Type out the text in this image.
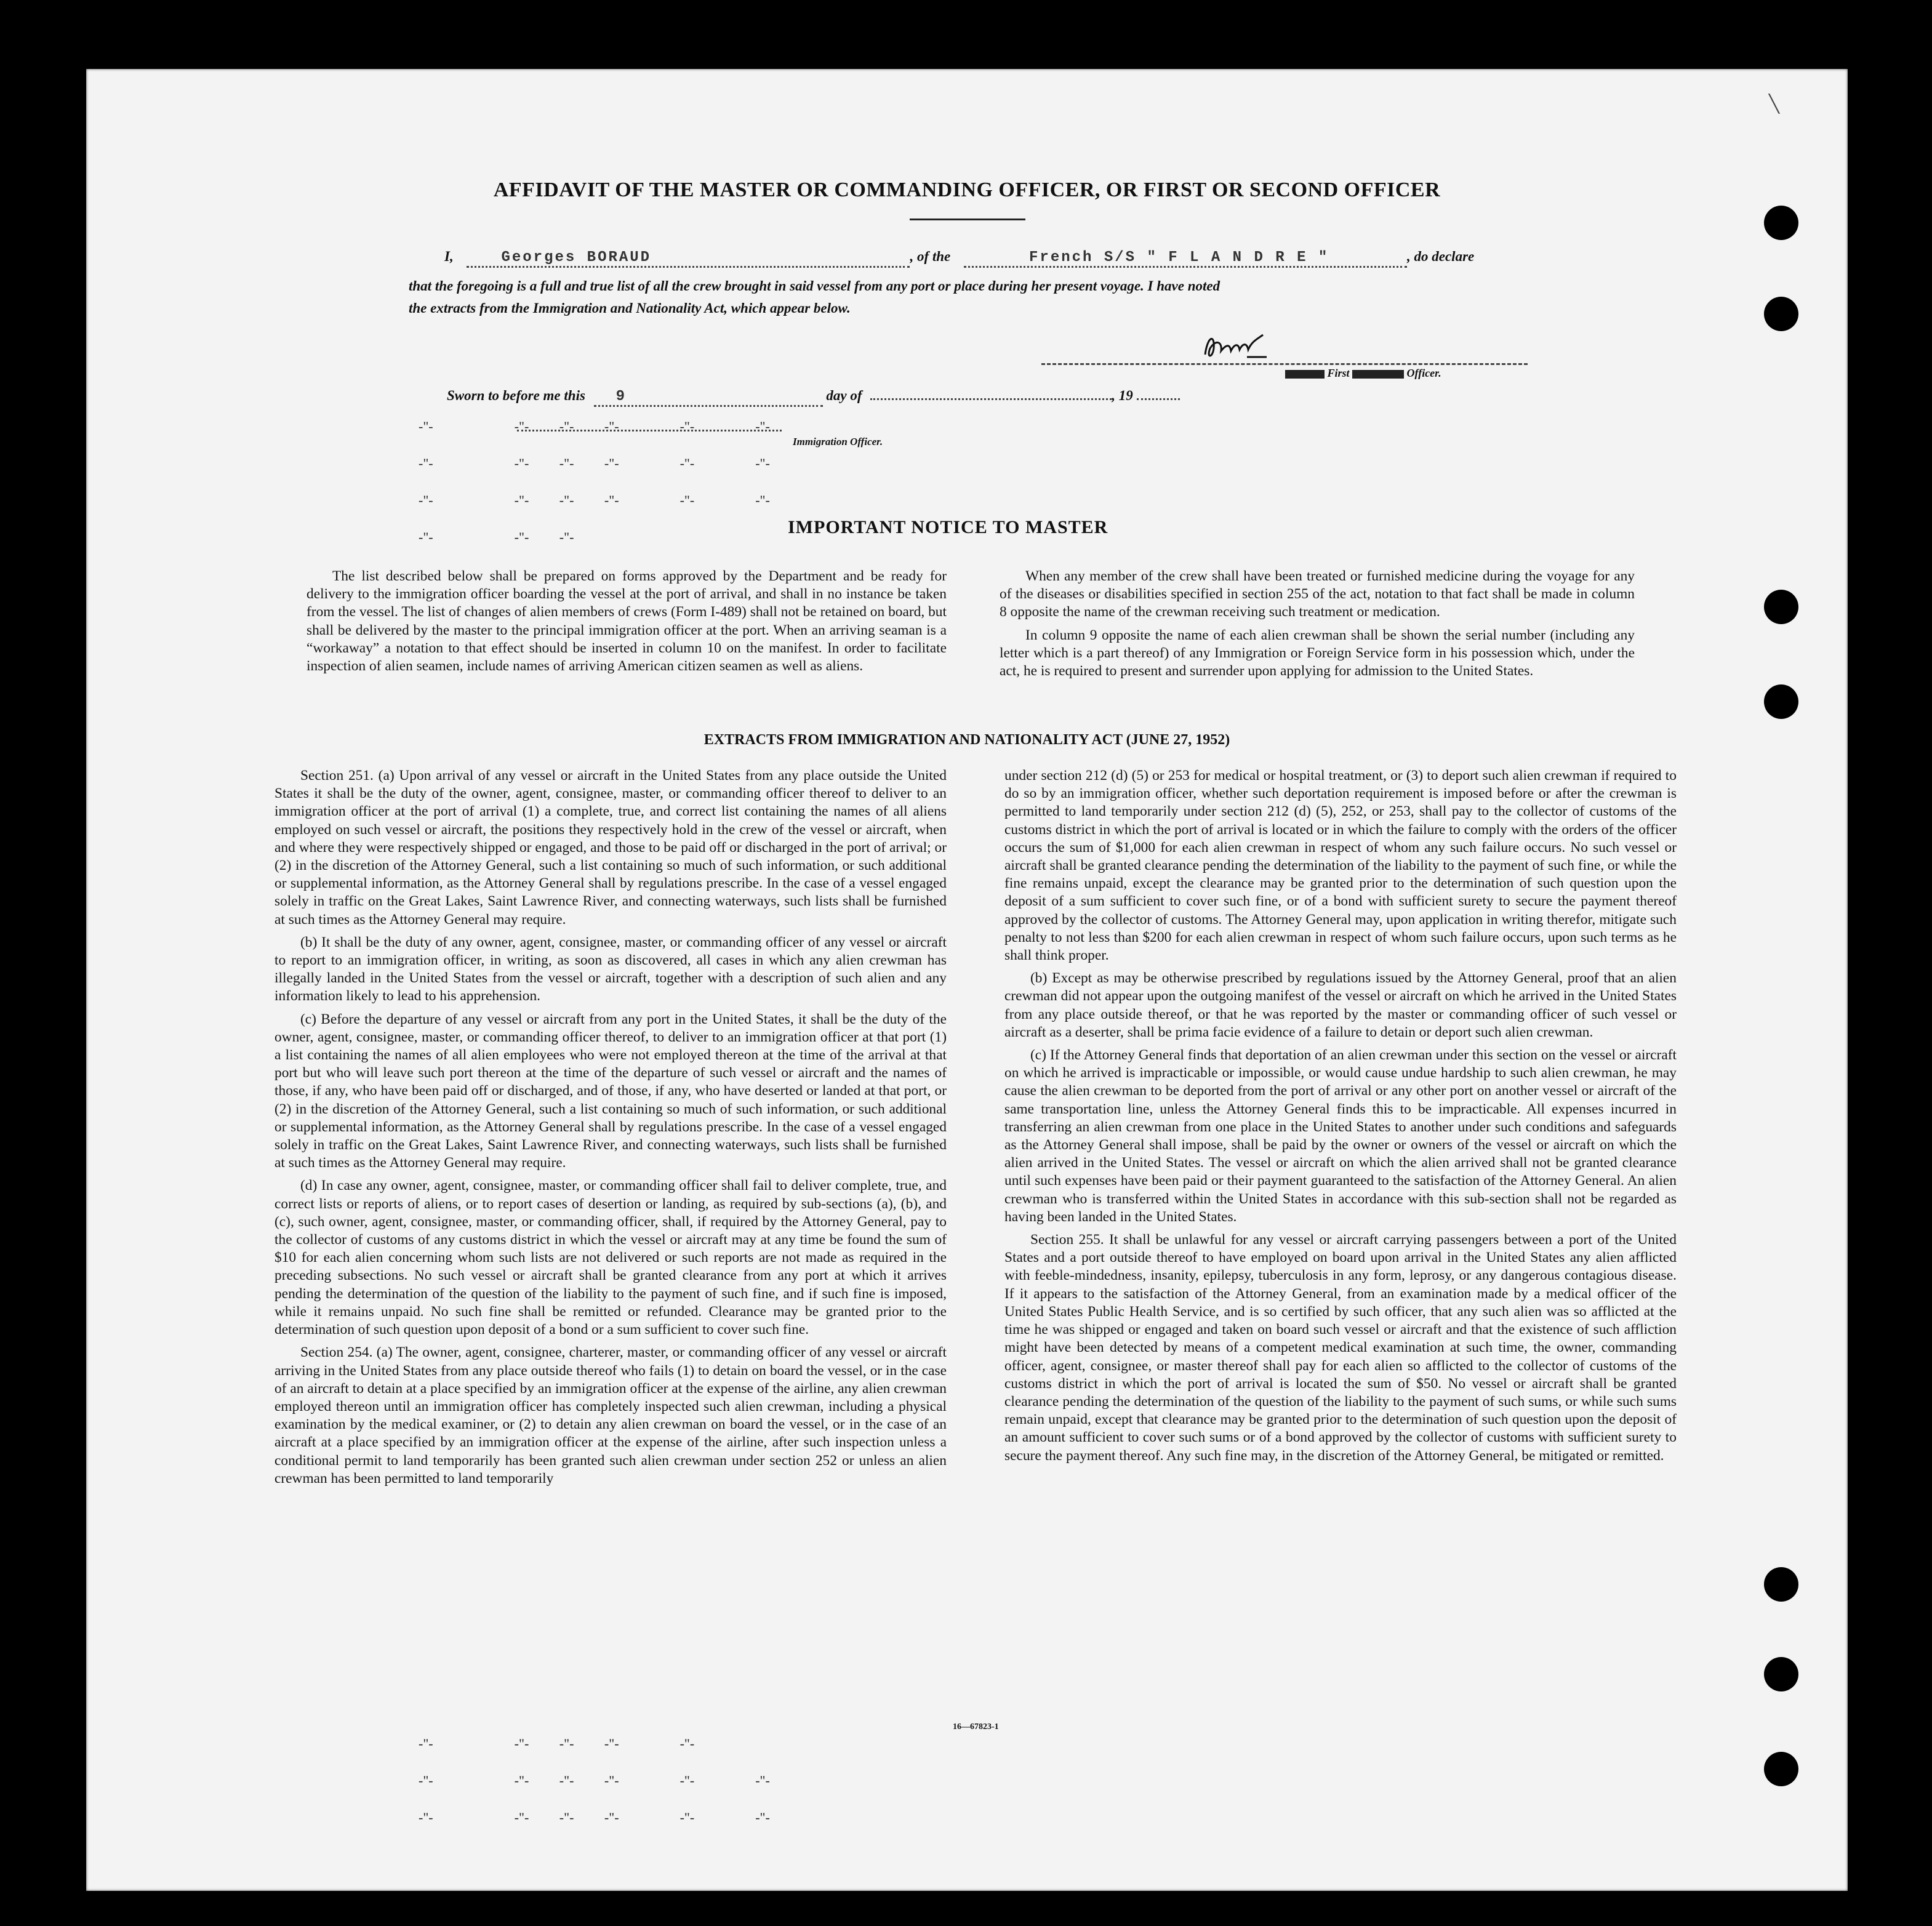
AFFIDAVIT OF THE MASTER OR COMMANDING OFFICER, OR FIRST OR SECOND OFFICER
I,	Georges BORAUD	, of the	French S/S " F L A N D R E "	, do declare
that the foregoing is a full and true list of all the crew brought in said vessel from any port or place during her present voyage. I have noted
the extracts from the Immigration and Nationality Act, which appear below.
First	Officer.
Sworn to before me this 9	day of	, 19
Immigration Officer.
-"-	-"- -"- -"-	-"-	-"-
-"-	-"- -"- -"-	-"-	-"-
-"-	-"- -"- -"-	-"-	-"-
-"-	-"- -"-	IMPORTANT NOTICE TO MASTER

The list described below shall be prepared on forms approved by the Department and be ready for delivery to the immigration officer boarding the vessel at the port of arrival, and shall in no instance be taken from the vessel. The list of changes of alien members of crews (Form I-489) shall not be retained on board, but shall be delivered by the master to the principal immigration officer at the port. When an arriving seaman is a “workaway” a notation to that effect should be inserted in column 10 on the manifest. In order to facilitate inspection of alien seamen, include names of arriving American citizen seamen as well as aliens.

When any member of the crew shall have been treated or furnished medicine during the voyage for any of the diseases or disabilities specified in section 255 of the act, notation to that fact shall be made in column 8 opposite the name of the crewman receiving such treatment or medication.

In column 9 opposite the name of each alien crewman shall be shown the serial number (including any letter which is a part thereof) of any Immigration or Foreign Service form in his possession which, under the act, he is required to present and surrender upon applying for admission to the United States.

EXTRACTS FROM IMMIGRATION AND NATIONALITY ACT (JUNE 27, 1952)

Section 251. (a) Upon arrival of any vessel or aircraft in the United States from any place outside the United States it shall be the duty of the owner, agent, consignee, master, or commanding officer thereof to deliver to an immigration officer at the port of arrival (1) a complete, true, and correct list containing the names of all aliens employed on such vessel or aircraft, the positions they respectively hold in the crew of the vessel or aircraft, when and where they were respectively shipped or engaged, and those to be paid off or discharged in the port of arrival; or (2) in the discretion of the Attorney General, such a list containing so much of such information, or such additional or supplemental information, as the Attorney General shall by regulations prescribe. In the case of a vessel engaged solely in traffic on the Great Lakes, Saint Lawrence River, and connecting waterways, such lists shall be furnished at such times as the Attorney General may require.

(b) It shall be the duty of any owner, agent, consignee, master, or commanding officer of any vessel or aircraft to report to an immigration officer, in writing, as soon as discovered, all cases in which any alien crewman has illegally landed in the United States from the vessel or aircraft, together with a description of such alien and any information likely to lead to his apprehension.

(c) Before the departure of any vessel or aircraft from any port in the United States, it shall be the duty of the owner, agent, consignee, master, or commanding officer thereof, to deliver to an immigration officer at that port (1) a list containing the names of all alien employees who were not employed thereon at the time of the arrival at that port but who will leave such port thereon at the time of the departure of such vessel or aircraft and the names of those, if any, who have been paid off or discharged, and of those, if any, who have deserted or landed at that port, or (2) in the discretion of the Attorney General, such a list containing so much of such information, or such additional or supplemental information, as the Attorney General shall by regulations prescribe. In the case of a vessel engaged solely in traffic on the Great Lakes, Saint Lawrence River, and connecting waterways, such lists shall be furnished at such times as the Attorney General may require.

(d) In case any owner, agent, consignee, master, or commanding officer shall fail to deliver complete, true, and correct lists or reports of aliens, or to report cases of desertion or landing, as required by sub-sections (a), (b), and (c), such owner, agent, consignee, master, or commanding officer, shall, if required by the Attorney General, pay to the collector of customs of any customs district in which the vessel or aircraft may at any time be found the sum of $10 for each alien concerning whom such lists are not delivered or such reports are not made as required in the preceding subsections. No such vessel or aircraft shall be granted clearance from any port at which it arrives pending the determination of the question of the liability to the payment of such fine, and if such fine is imposed, while it remains unpaid. No such fine shall be remitted or refunded. Clearance may be granted prior to the determination of such question upon deposit of a bond or a sum sufficient to cover such fine.

Section 254. (a) The owner, agent, consignee, charterer, master, or commanding officer of any vessel or aircraft arriving in the United States from any place outside thereof who fails (1) to detain on board the vessel, or in the case of an aircraft to detain at a place specified by an immigration officer at the expense of the airline, any alien crewman employed thereon until an immigration officer has completely inspected such alien crewman, including a physical examination by the medical examiner, or (2) to detain any alien crewman on board the vessel, or in the case of an aircraft at a place specified by an immigration officer at the expense of the airline, after such inspection unless a conditional permit to land temporarily has been granted such alien crewman under section 252 or unless an alien crewman has been permitted to land temporarily

under section 212 (d) (5) or 253 for medical or hospital treatment, or (3) to deport such alien crewman if required to do so by an immigration officer, whether such deportation requirement is imposed before or after the crewman is permitted to land temporarily under section 212 (d) (5), 252, or 253, shall pay to the collector of customs of the customs district in which the port of arrival is located or in which the failure to comply with the orders of the officer occurs the sum of $1,000 for each alien crewman in respect of whom any such failure occurs. No such vessel or aircraft shall be granted clearance pending the determination of the liability to the payment of such fine, or while the fine remains unpaid, except the clearance may be granted prior to the determination of such question upon the deposit of a sum sufficient to cover such fine, or of a bond with sufficient surety to secure the payment thereof approved by the collector of customs. The Attorney General may, upon application in writing therefor, mitigate such penalty to not less than $200 for each alien crewman in respect of whom such failure occurs, upon such terms as he shall think proper.

(b) Except as may be otherwise prescribed by regulations issued by the Attorney General, proof that an alien crewman did not appear upon the outgoing manifest of the vessel or aircraft on which he arrived in the United States from any place outside thereof, or that he was reported by the master or commanding officer of such vessel or aircraft as a deserter, shall be prima facie evidence of a failure to detain or deport such alien crewman.

(c) If the Attorney General finds that deportation of an alien crewman under this section on the vessel or aircraft on which he arrived is impracticable or impossible, or would cause undue hardship to such alien crewman, he may cause the alien crewman to be deported from the port of arrival or any other port on another vessel or aircraft of the same transportation line, unless the Attorney General finds this to be impracticable. All expenses incurred in transferring an alien crewman from one place in the United States to another under such conditions and safeguards as the Attorney General shall impose, shall be paid by the owner or owners of the vessel or aircraft on which the alien arrived in the United States. The vessel or aircraft on which the alien arrived shall not be granted clearance until such expenses have been paid or their payment guaranteed to the satisfaction of the Attorney General. An alien crewman who is transferred within the United States in accordance with this sub-section shall not be regarded as having been landed in the United States.

Section 255. It shall be unlawful for any vessel or aircraft carrying passengers between a port of the United States and a port outside thereof to have employed on board upon arrival in the United States any alien afflicted with feeble-mindedness, insanity, epilepsy, tuberculosis in any form, leprosy, or any dangerous contagious disease. If it appears to the satisfaction of the Attorney General, from an examination made by a medical officer of the United States Public Health Service, and is so certified by such officer, that any such alien was so afflicted at the time he was shipped or engaged and taken on board such vessel or aircraft and that the existence of such affliction might have been detected by means of a competent medical examination at such time, the owner, commanding officer, agent, consignee, or master thereof shall pay for each alien so afflicted to the collector of customs of the customs district in which the port of arrival is located the sum of $50. No vessel or aircraft shall be granted clearance pending the determination of the question of the liability to the payment of such sums, or while such sums remain unpaid, except that clearance may be granted prior to the determination of such question upon the deposit of an amount sufficient to cover such sums or of a bond approved by the collector of customs with sufficient surety to secure the payment thereof. Any such fine may, in the discretion of the Attorney General, be mitigated or remitted.

16—67823-1
-"-	-"- -"- -"-	-"-
-"-	-"- -"- -"-	-"-	-"-
-"-	-"- -"- -"-	-"-	-"-
╲
